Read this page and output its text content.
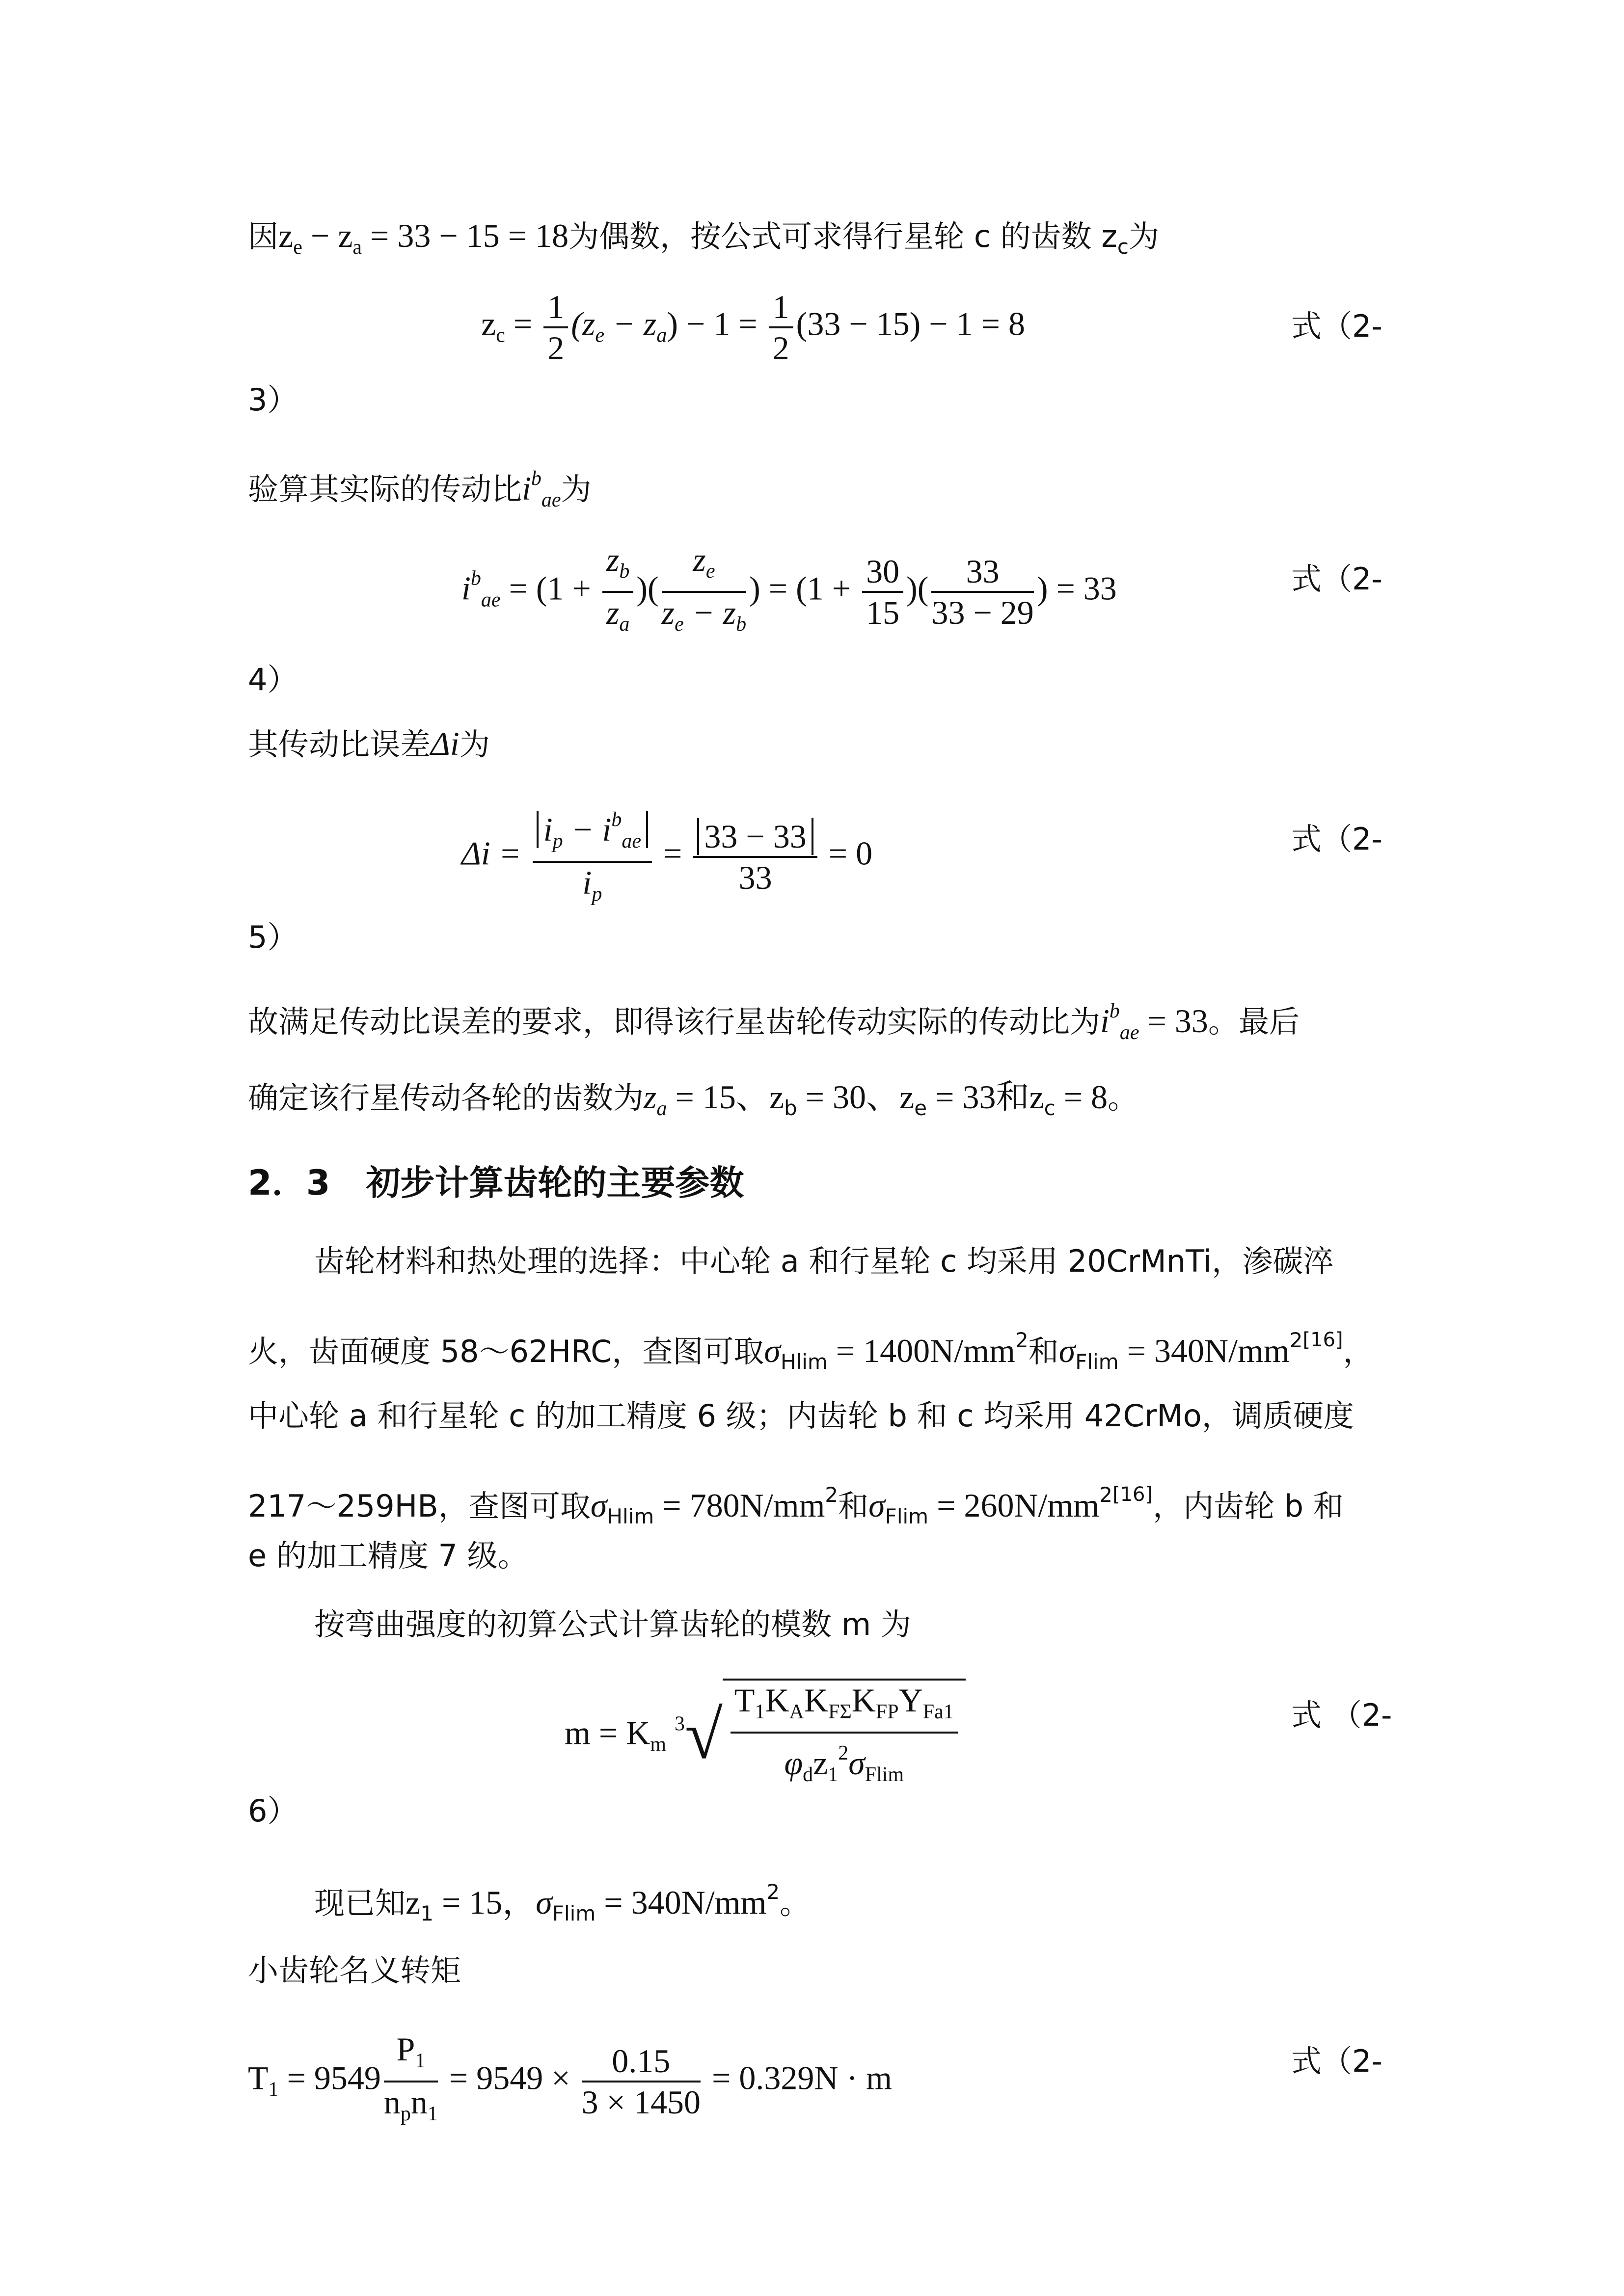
因$z_e - z_a = 33 - 15 = 18$为偶数，按公式可求得行星轮 c 的齿数 $z_c$为
$z_c = \frac{1}{2} (z_e - z_a) - 1 = \frac{1}{2} (33 - 15) - 1 = 8$	式（2-
3）
验算其实际的传动比$i^b_{ae}$为
$i^b_{ae} = (1 + \frac{z_b}{z_a}$ )( $\frac{z_e}{z_e - z_b}$ ) = ($1 + \frac{30}{15}$ )( $\frac{33}{33 - 29}$ ) = 33	式（2-
4）
其传动比误差Δi为
$\Delta i = \frac{i_p - i^b_{ae}}{i_p} = \frac{33 - 33}{33} = 0$	式（2-
5）
故满足传动比误差的要求，即得该行星齿轮传动实际的传动比为$i^b_{ae} = 33$。最后
确定该行星传动各轮的齿数为$z_a = 15$、$z_b = 30$、$z_e = 33$和$z_c = 8$。
2．3 初步计算齿轮的主要参数
齿轮材料和热处理的选择：中心轮 a 和行星轮 c 均采用 20CrMnTi，渗碳淬
火，齿面硬度 58～62HRC，查图可取$\sigma_{Hlim} = 1400N/mm^2$和$\sigma_{Flim} = 340N/mm^{2[16]}$，
中心轮 a 和行星轮 c 的加工精度 6 级；内齿轮 b 和 c 均采用 42CrMo，调质硬度
217～259HB，查图可取$\sigma_{Hlim} = 780N/mm^2$和$\sigma_{Flim} = 260N/mm^{2[16]}$，内齿轮 b 和
e 的加工精度 7 级。
按弯曲强度的初算公式计算齿轮的模数 m 为
$m = K_m$ $^3√ \frac{T_1K_AK_{F\Sigma}K_{FP}Y_{Fa1}}{\varphi_dz_1^2\sigma_{Flim}}$	式 （2-
6）
现已知$z_1 = 15$，$\sigma_{Flim} = 340N/mm^2$。
小齿轮名义转矩
$T_1 = 9549 \frac{P_1}{n_pn_1} = 9549 \times \frac{0.15}{3 \times 1450} = 0.329N \cdot m$	式（2-
